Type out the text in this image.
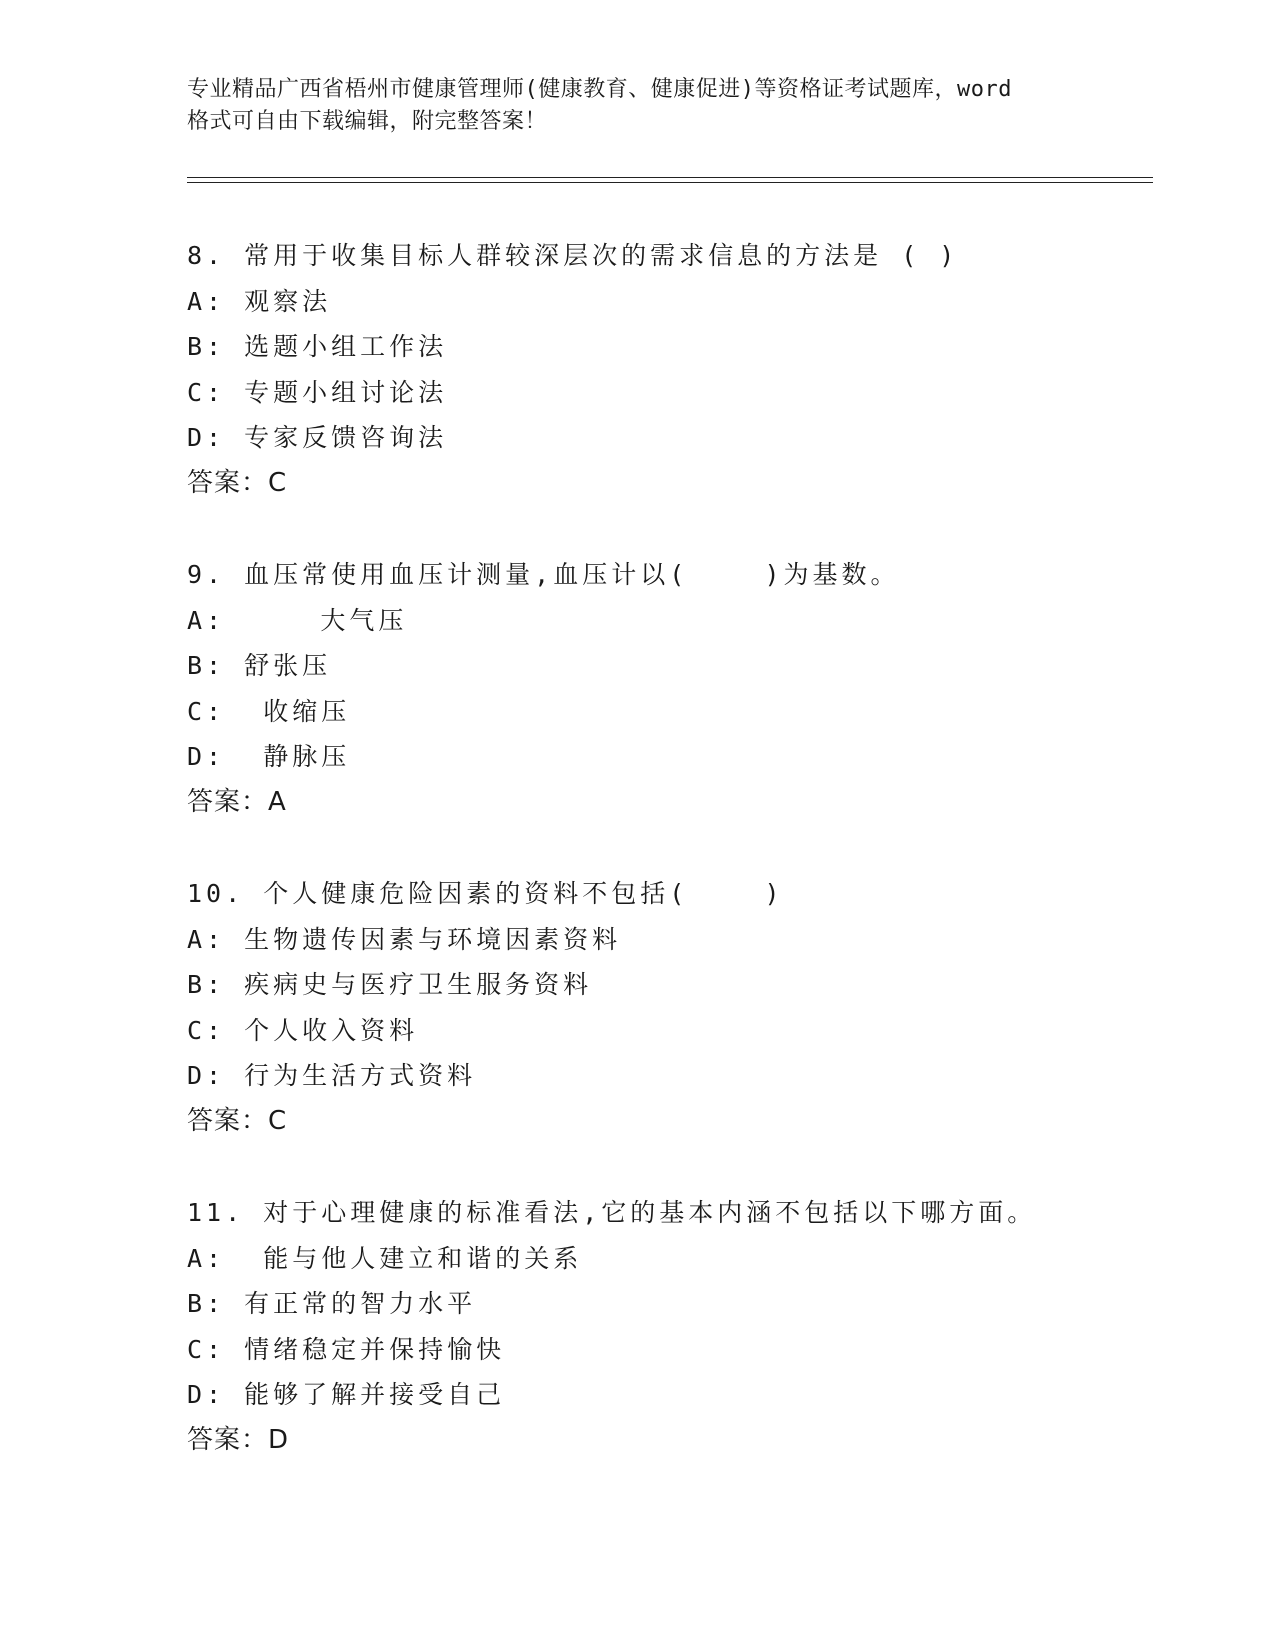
专业精品广西省梧州市健康管理师(健康教育、健康促进)等资格证考试题库，word
格式可自由下载编辑，附完整答案！
8. 常用于收集目标人群较深层次的需求信息的方法是 ( )
A: 观察法
B: 选题小组工作法
C: 专题小组讨论法
D: 专家反馈咨询法
答案：C
9. 血压常使用血压计测量,血压计以(    )为基数。
A:     大气压
B: 舒张压
C:  收缩压
D:  静脉压
答案：A
10. 个人健康危险因素的资料不包括(    )
A: 生物遗传因素与环境因素资料
B: 疾病史与医疗卫生服务资料
C: 个人收入资料
D: 行为生活方式资料
答案：C
11. 对于心理健康的标准看法,它的基本内涵不包括以下哪方面。
A:  能与他人建立和谐的关系
B: 有正常的智力水平
C: 情绪稳定并保持愉快
D: 能够了解并接受自己
答案：D
